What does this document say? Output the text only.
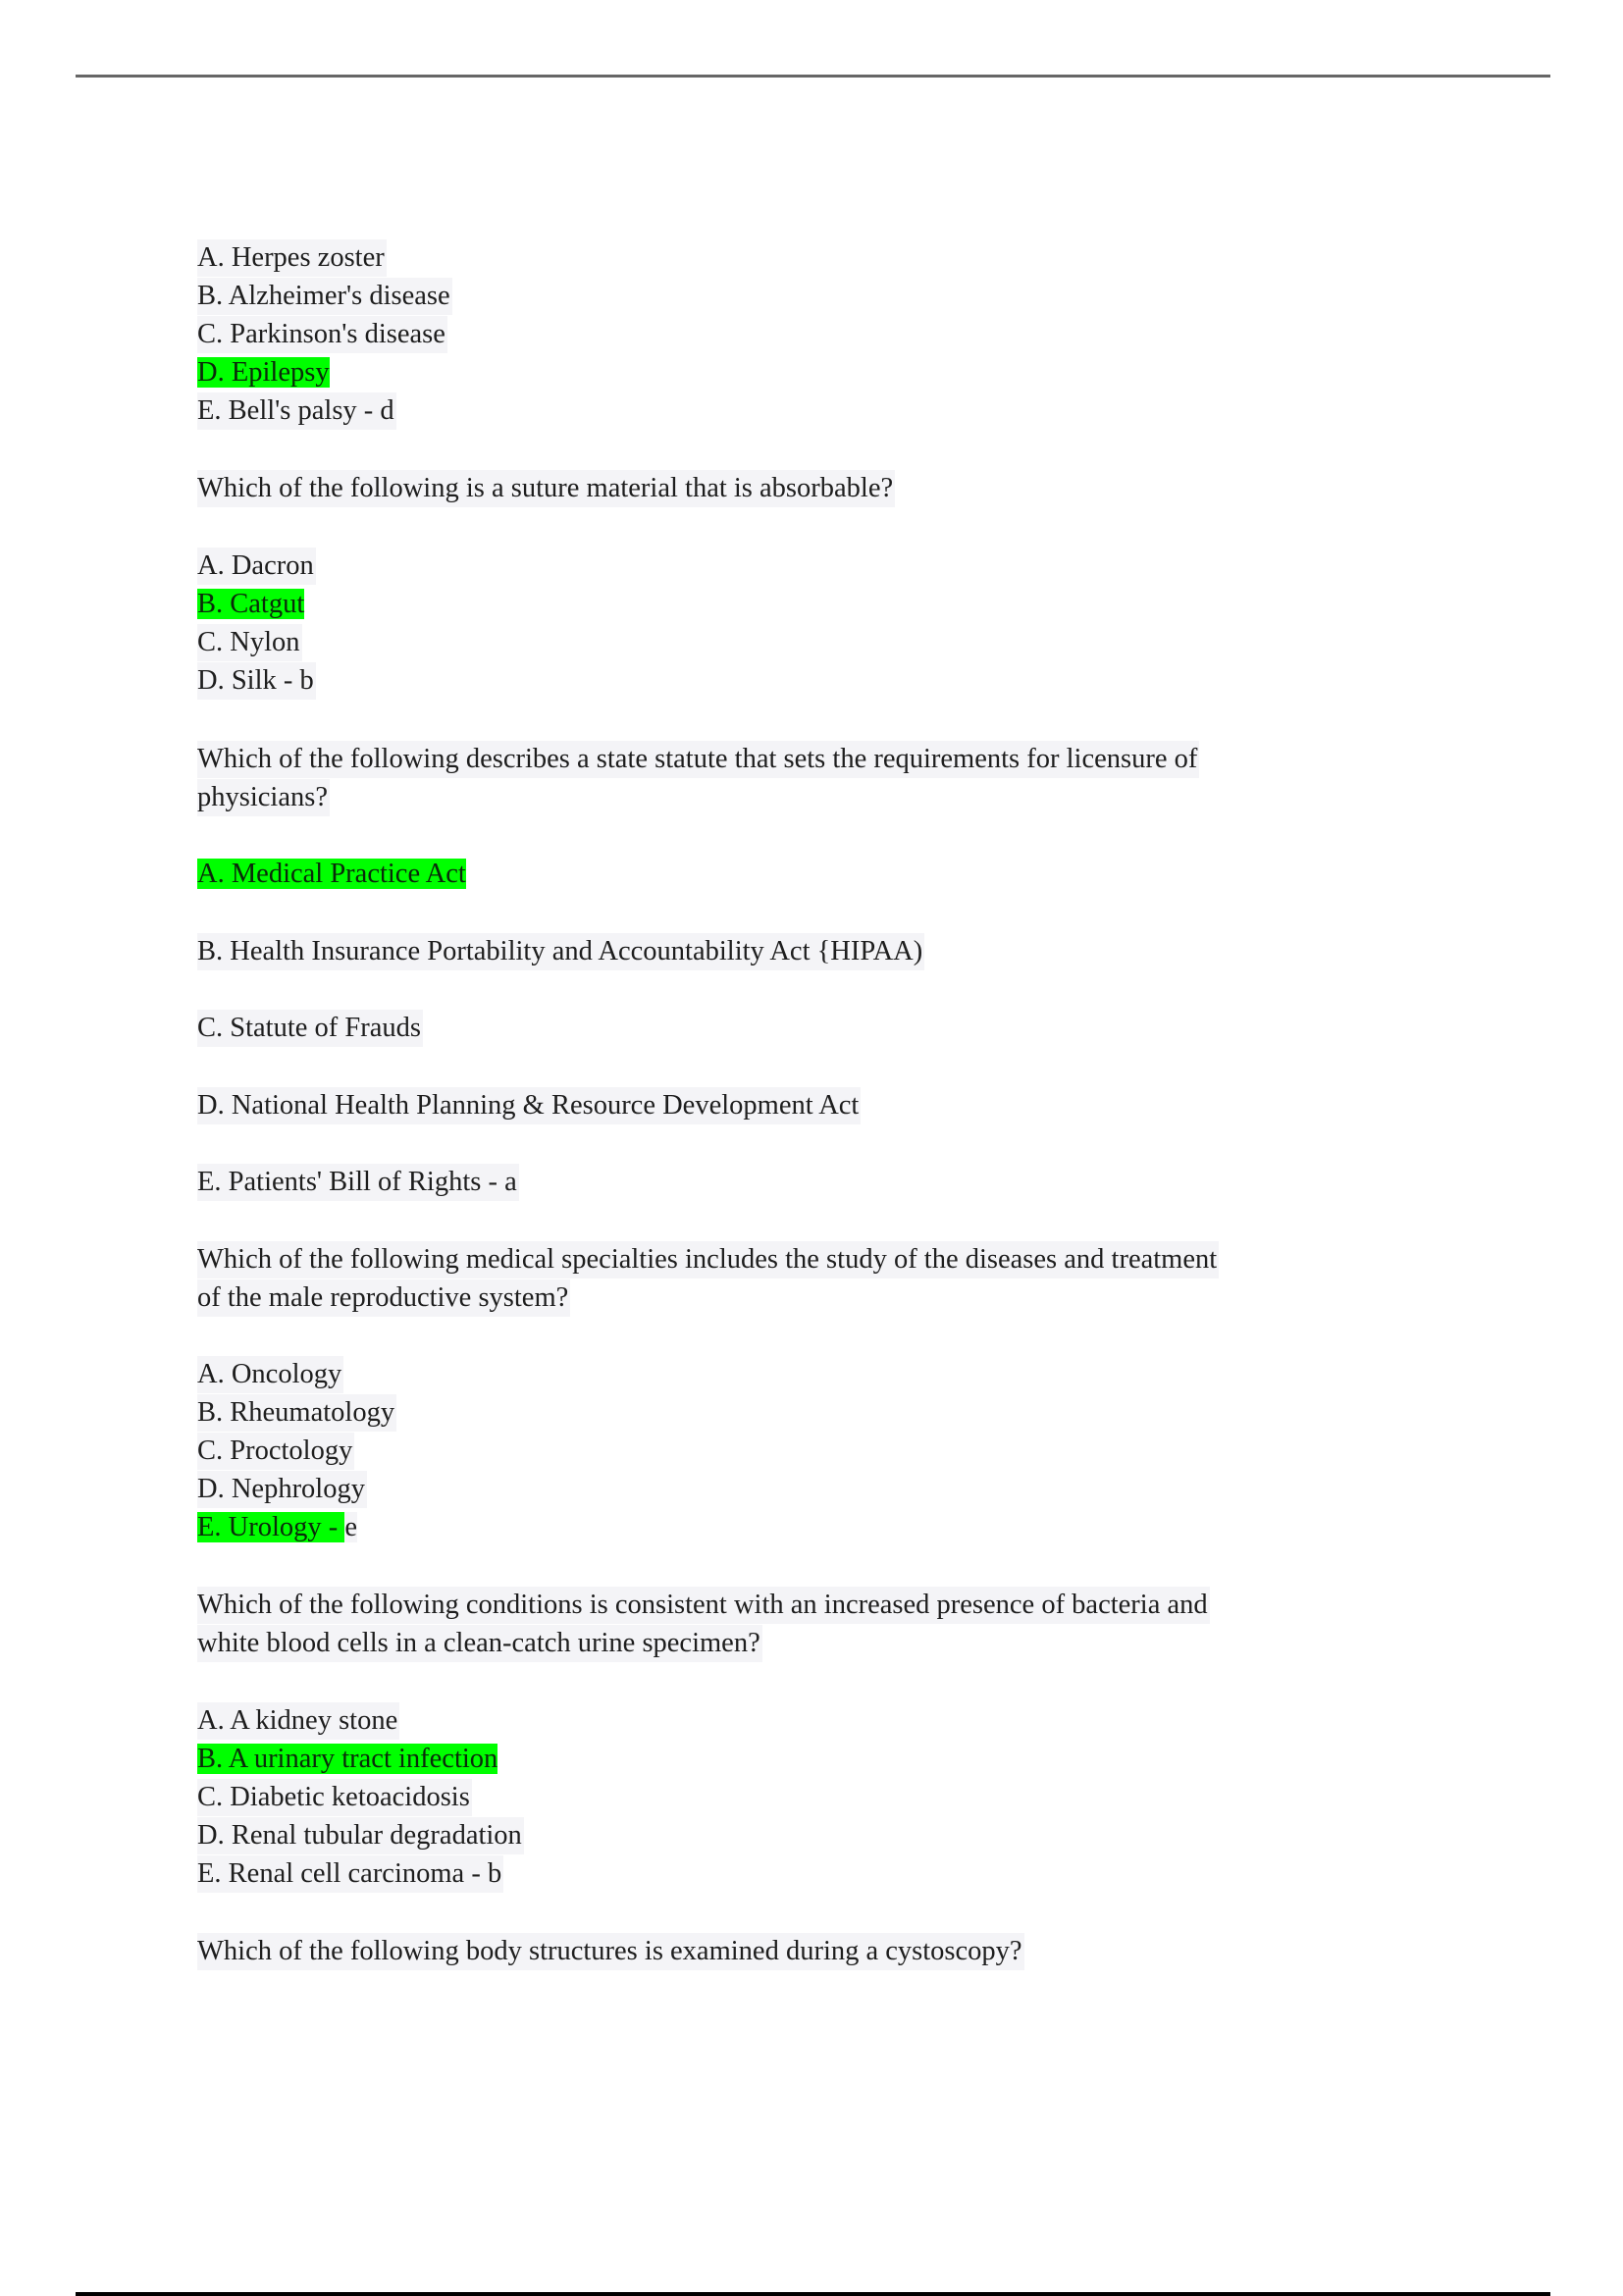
A. Herpes zoster
B. Alzheimer's disease
C. Parkinson's disease
D. Epilepsy
E. Bell's palsy - d
Which of the following is a suture material that is absorbable?
A. Dacron
B. Catgut
C. Nylon
D. Silk - b
Which of the following describes a state statute that sets the requirements for licensure of
physicians?
A. Medical Practice Act
B. Health Insurance Portability and Accountability Act {HIPAA)
C. Statute of Frauds
D. National Health Planning & Resource Development Act
E. Patients' Bill of Rights - a
Which of the following medical specialties includes the study of the diseases and treatment
of the male reproductive system?
A. Oncology
B. Rheumatology
C. Proctology
D. Nephrology
E. Urology - e
Which of the following conditions is consistent with an increased presence of bacteria and
white blood cells in a clean-catch urine specimen?
A. A kidney stone
B. A urinary tract infection
C. Diabetic ketoacidosis
D. Renal tubular degradation
E. Renal cell carcinoma - b
Which of the following body structures is examined during a cystoscopy?
